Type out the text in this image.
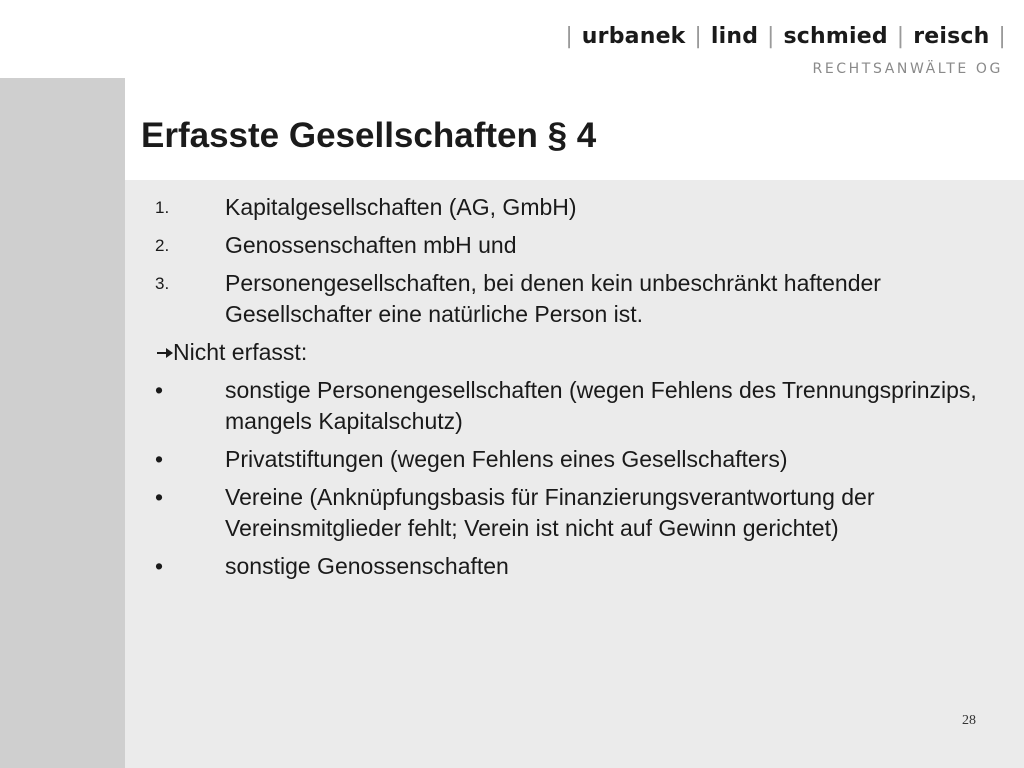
| urbanek | lind | schmied | reisch |
RECHTSANWÄLTE OG
Erfasste Gesellschaften § 4
1.	Kapitalgesellschaften (AG, GmbH)
2.	Genossenschaften mbH und
3.	Personengesellschaften, bei denen kein unbeschränkt haftender Gesellschafter eine natürliche Person ist.
Nicht erfasst:
•	sonstige Personengesellschaften (wegen Fehlens des Trennungsprinzips, mangels Kapitalschutz)
•	Privatstiftungen (wegen Fehlens eines Gesellschafters)
•	Vereine (Anknüpfungsbasis für Finanzierungsverantwortung der Vereinsmitglieder fehlt; Verein ist nicht auf Gewinn gerichtet)
•	sonstige Genossenschaften
28
